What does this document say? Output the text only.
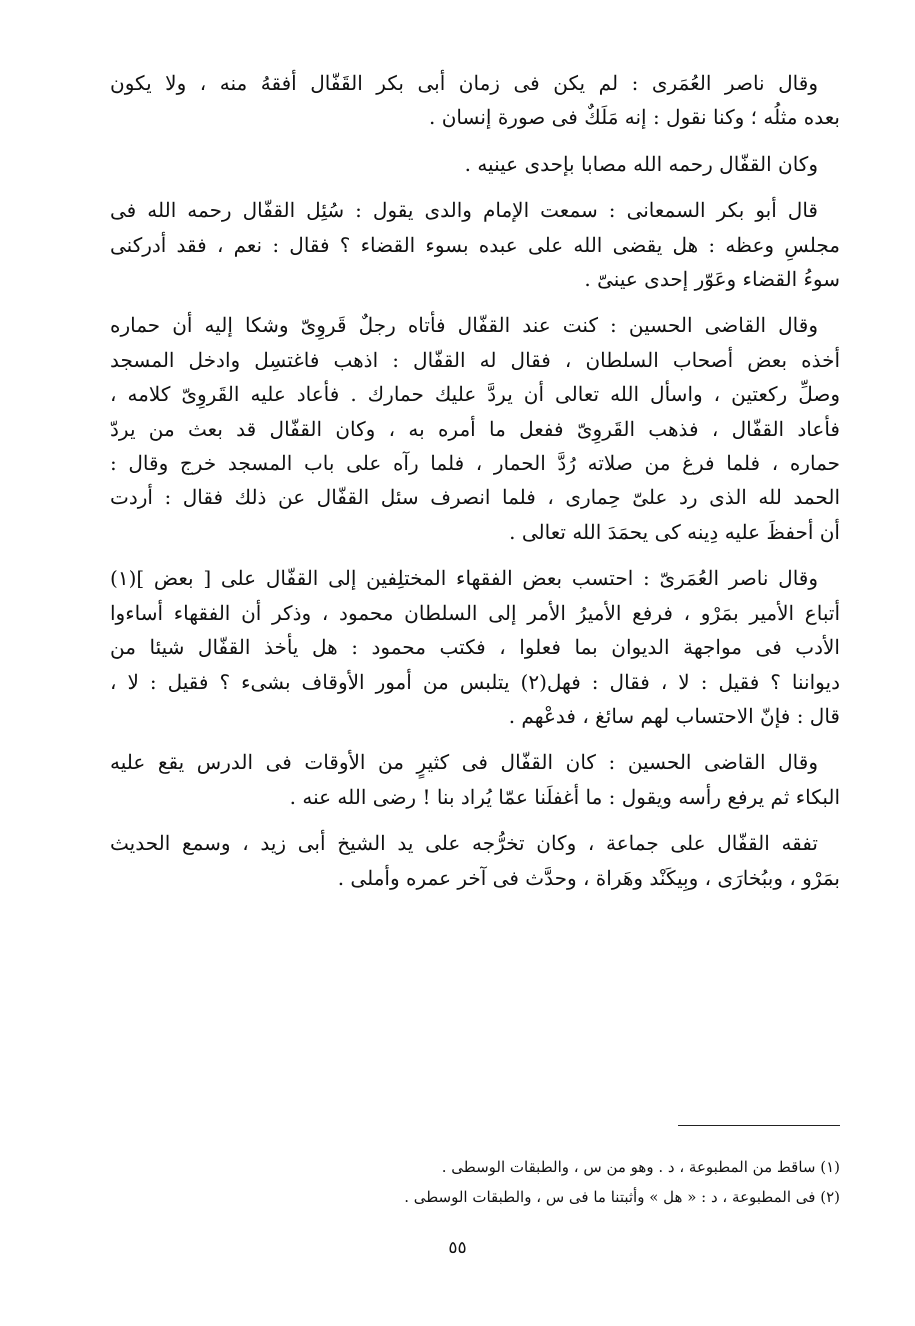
وقال ناصر العُمَرى : لم يكن فى زمان أبى بكر القَفّال أفقهُ منه ، ولا يكون
بعده مثلُه ؛ وكنا نقول : إنه مَلَكٌ فى صورة إنسان .

وكان القفّال رحمه الله مصابا بإحدى عينيه .

قال أبو بكر السمعانى : سمعت الإمام والدى يقول : سُئِل القفّال رحمه الله فى
مجلسِ وعظه : هل يقضى الله على عبده بسوء القضاء ؟ فقال : نعم ، فقد أدركنى
سوءُ القضاء وعَوّر إحدى عينىّ .

وقال القاضى الحسين : كنت عند القفّال فأتاه رجلٌ قَروِىّ وشكا إليه أن حماره
أخذه بعض أصحاب السلطان ، فقال له القفّال : اذهب فاغتسِل وادخل المسجد
وصلِّ ركعتين ، واسأل الله تعالى أن يردَّ عليك حمارك . فأعاد عليه القَروِىّ كلامه ،
فأعاد القفّال ، فذهب القَروِىّ ففعل ما أمره به ، وكان القفّال قد بعث من يردّ
حماره ، فلما فرغ من صلاته رُدَّ الحمار ، فلما رآه على باب المسجد خرج وقال :
الحمد لله الذى رد علىّ حِمارى ، فلما انصرف سئل القفّال عن ذلك فقال : أردت
أن أحفظَ عليه دِينه كى يحمَدَ الله تعالى .

وقال ناصر العُمَرىّ : احتسب بعض الفقهاء المختلِفين إلى القفّال على [ بعض ](١)
أتباع الأمير بمَرْو ، فرفع الأميرُ الأمر إلى السلطان محمود ، وذكر أن الفقهاء أساءوا
الأدب فى مواجهة الديوان بما فعلوا ، فكتب محمود : هل يأخذ القفّال شيئا من
ديواننا ؟ فقيل : لا ، فقال : فهل(٢) يتلبس من أمور الأوقاف بشىء ؟ فقيل : لا ،
قال : فإنّ الاحتساب لهم سائغ ، فدعْهم .

وقال القاضى الحسين : كان القفّال فى كثيرٍ من الأوقات فى الدرس يقع عليه
البكاء ثم يرفع رأسه ويقول : ما أغفلَنا عمّا يُراد بنا ! رضى الله عنه .

تفقه القفّال على جماعة ، وكان تخرُّجه على يد الشيخ أبى زيد ، وسمع الحديث
بمَرْو ، وببُخارَى ، وبِيكَنْد وهَراة ، وحدَّث فى آخر عمره وأملى .

(١) ساقط من المطبوعة ، د . وهو من س ، والطبقات الوسطى .
(٢) فى المطبوعة ، د : « هل » وأثبتنا ما فى س ، والطبقات الوسطى .
٥٥
